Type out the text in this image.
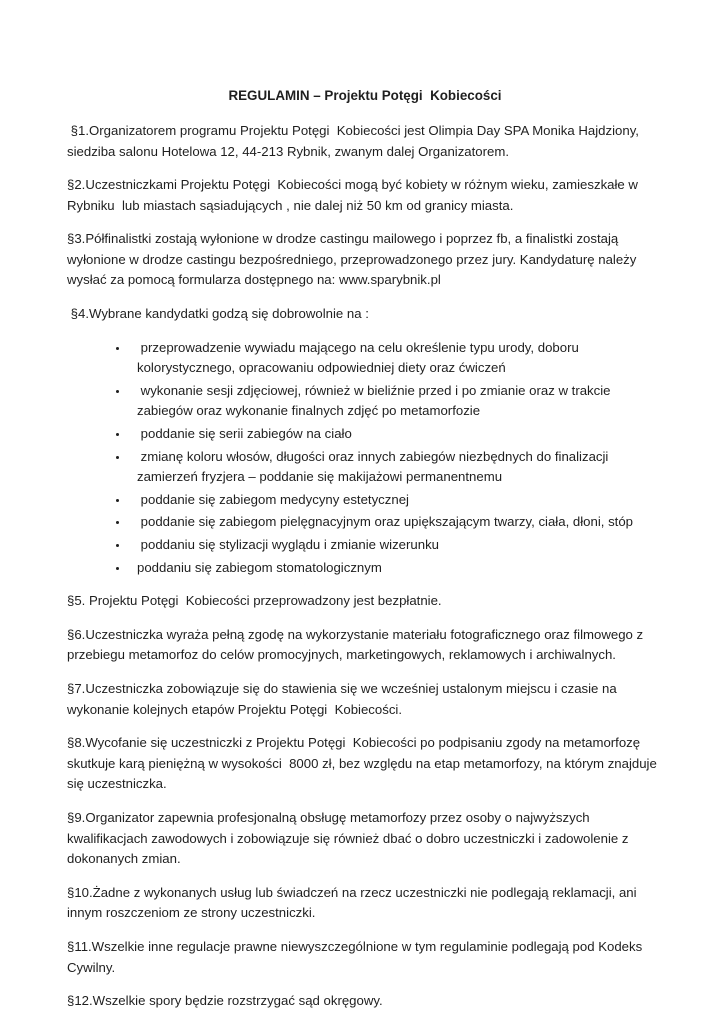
REGULAMIN – Projektu Potęgi  Kobiecości

§1.Organizatorem programu Projektu Potęgi  Kobiecości jest Olimpia Day SPA Monika Hajdziony, siedziba salonu Hotelowa 12, 44-213 Rybnik, zwanym dalej Organizatorem.

§2.Uczestniczkami Projektu Potęgi  Kobiecości mogą być kobiety w różnym wieku, zamieszkałe w Rybniku  lub miastach sąsiadujących , nie dalej niż 50 km od granicy miasta.

§3.Półfinalistki zostają wyłonione w drodze castingu mailowego i poprzez fb, a finalistki zostają wyłonione w drodze castingu bezpośredniego, przeprowadzonego przez jury. Kandydaturę należy wysłać za pomocą formularza dostępnego na: www.sparybnik.pl

§4.Wybrane kandydatki godzą się dobrowolnie na :

•  przeprowadzenie wywiadu mającego na celu określenie typu urody, doboru kolorystycznego, opracowaniu odpowiedniej diety oraz ćwiczeń
•  wykonanie sesji zdjęciowej, również w bieliźnie przed i po zmianie oraz w trakcie zabiegów oraz wykonanie finalnych zdjęć po metamorfozie
•  poddanie się serii zabiegów na ciało
•  zmianę koloru włosów, długości oraz innych zabiegów niezbędnych do finalizacji zamierzeń fryzjera – poddanie się makijażowi permanentnemu
•  poddanie się zabiegom medycyny estetycznej
•  poddanie się zabiegom pielęgnacyjnym oraz upiększającym twarzy, ciała, dłoni, stóp
•  poddaniu się stylizacji wyglądu i zmianie wizerunku
• poddaniu się zabiegom stomatologicznym

§5. Projektu Potęgi  Kobiecości przeprowadzony jest bezpłatnie.

§6.Uczestniczka wyraża pełną zgodę na wykorzystanie materiału fotograficznego oraz filmowego z przebiegu metamorfoz do celów promocyjnych, marketingowych, reklamowych i archiwalnych.

§7.Uczestniczka zobowiązuje się do stawienia się we wcześniej ustalonym miejscu i czasie na wykonanie kolejnych etapów Projektu Potęgi  Kobiecości.

§8.Wycofanie się uczestniczki z Projektu Potęgi  Kobiecości po podpisaniu zgody na metamorfozę skutkuje karą pieniężną w wysokości  8000 zł, bez względu na etap metamorfozy, na którym znajduje się uczestniczka.

§9.Organizator zapewnia profesjonalną obsługę metamorfozy przez osoby o najwyższych kwalifikacjach zawodowych i zobowiązuje się również dbać o dobro uczestniczki i zadowolenie z dokonanych zmian.

§10.Żadne z wykonanych usług lub świadczeń na rzecz uczestniczki nie podlegają reklamacji, ani innym roszczeniom ze strony uczestniczki.

§11.Wszelkie inne regulacje prawne niewyszczególnione w tym regulaminie podlegają pod Kodeks Cywilny.

§12.Wszelkie spory będzie rozstrzygać sąd okręgowy.
